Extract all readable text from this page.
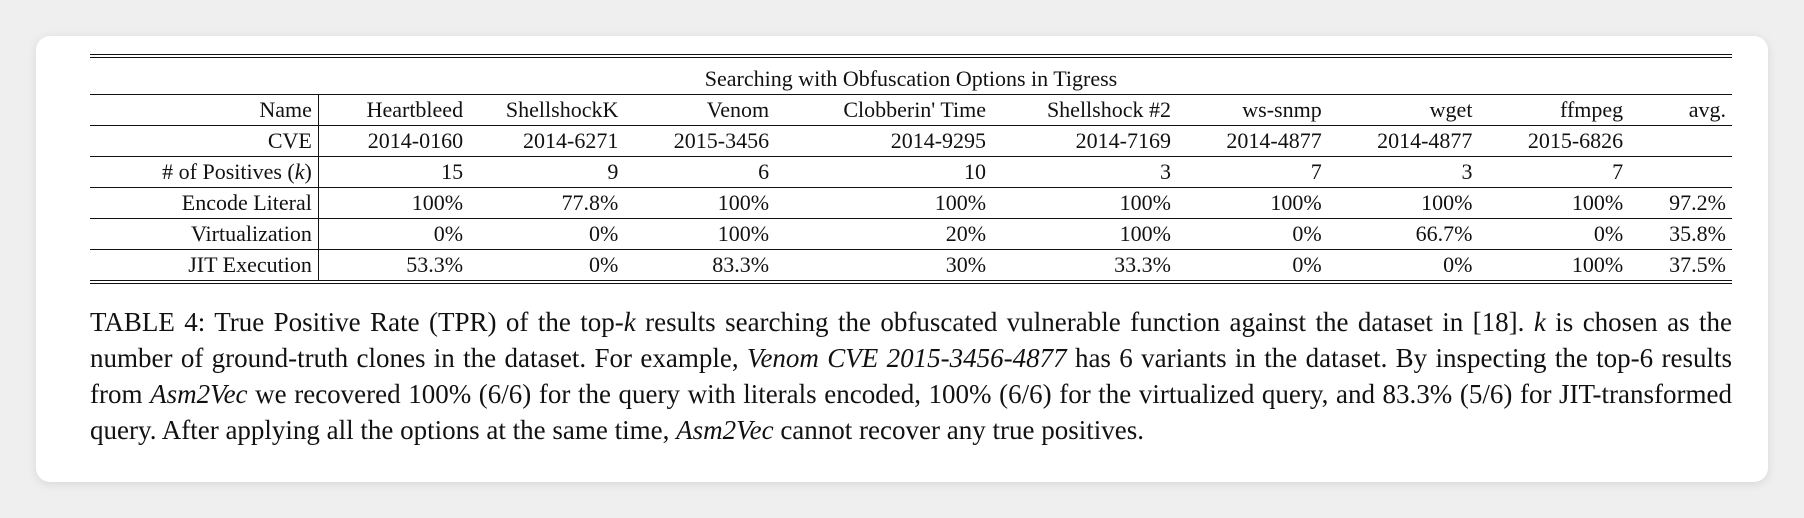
Searching with Obfuscation Options in Tigress									
Name	Heartbleed	ShellshockK	Venom	Clobberin' Time	Shellshock #2	ws-snmp	wget	ffmpeg	avg.
CVE	2014-0160	2014-6271	2015-3456	2014-9295	2014-7169	2014-4877	2014-4877	2015-6826	
# of Positives (k)	15	9	6	10	3	7	3	7	
Encode Literal	100%	77.8%	100%	100%	100%	100%	100%	100%	97.2%
Virtualization	0%	0%	100%	20%	100%	0%	66.7%	0%	35.8%
JIT Execution	53.3%	0%	83.3%	30%	33.3%	0%	0%	100%	37.5%

TABLE 4: True Positive Rate (TPR) of the top-k results searching the obfuscated vulnerable function against the dataset in [18]. k is chosen as the number of ground-truth clones in the dataset. For example, Venom CVE 2015-3456-4877 has 6 variants in the dataset. By inspecting the top-6 results from Asm2Vec we recovered 100% (6/6) for the query with literals encoded, 100% (6/6) for the virtualized query, and 83.3% (5/6) for JIT-transformed query. After applying all the options at the same time, Asm2Vec cannot recover any true positives.
